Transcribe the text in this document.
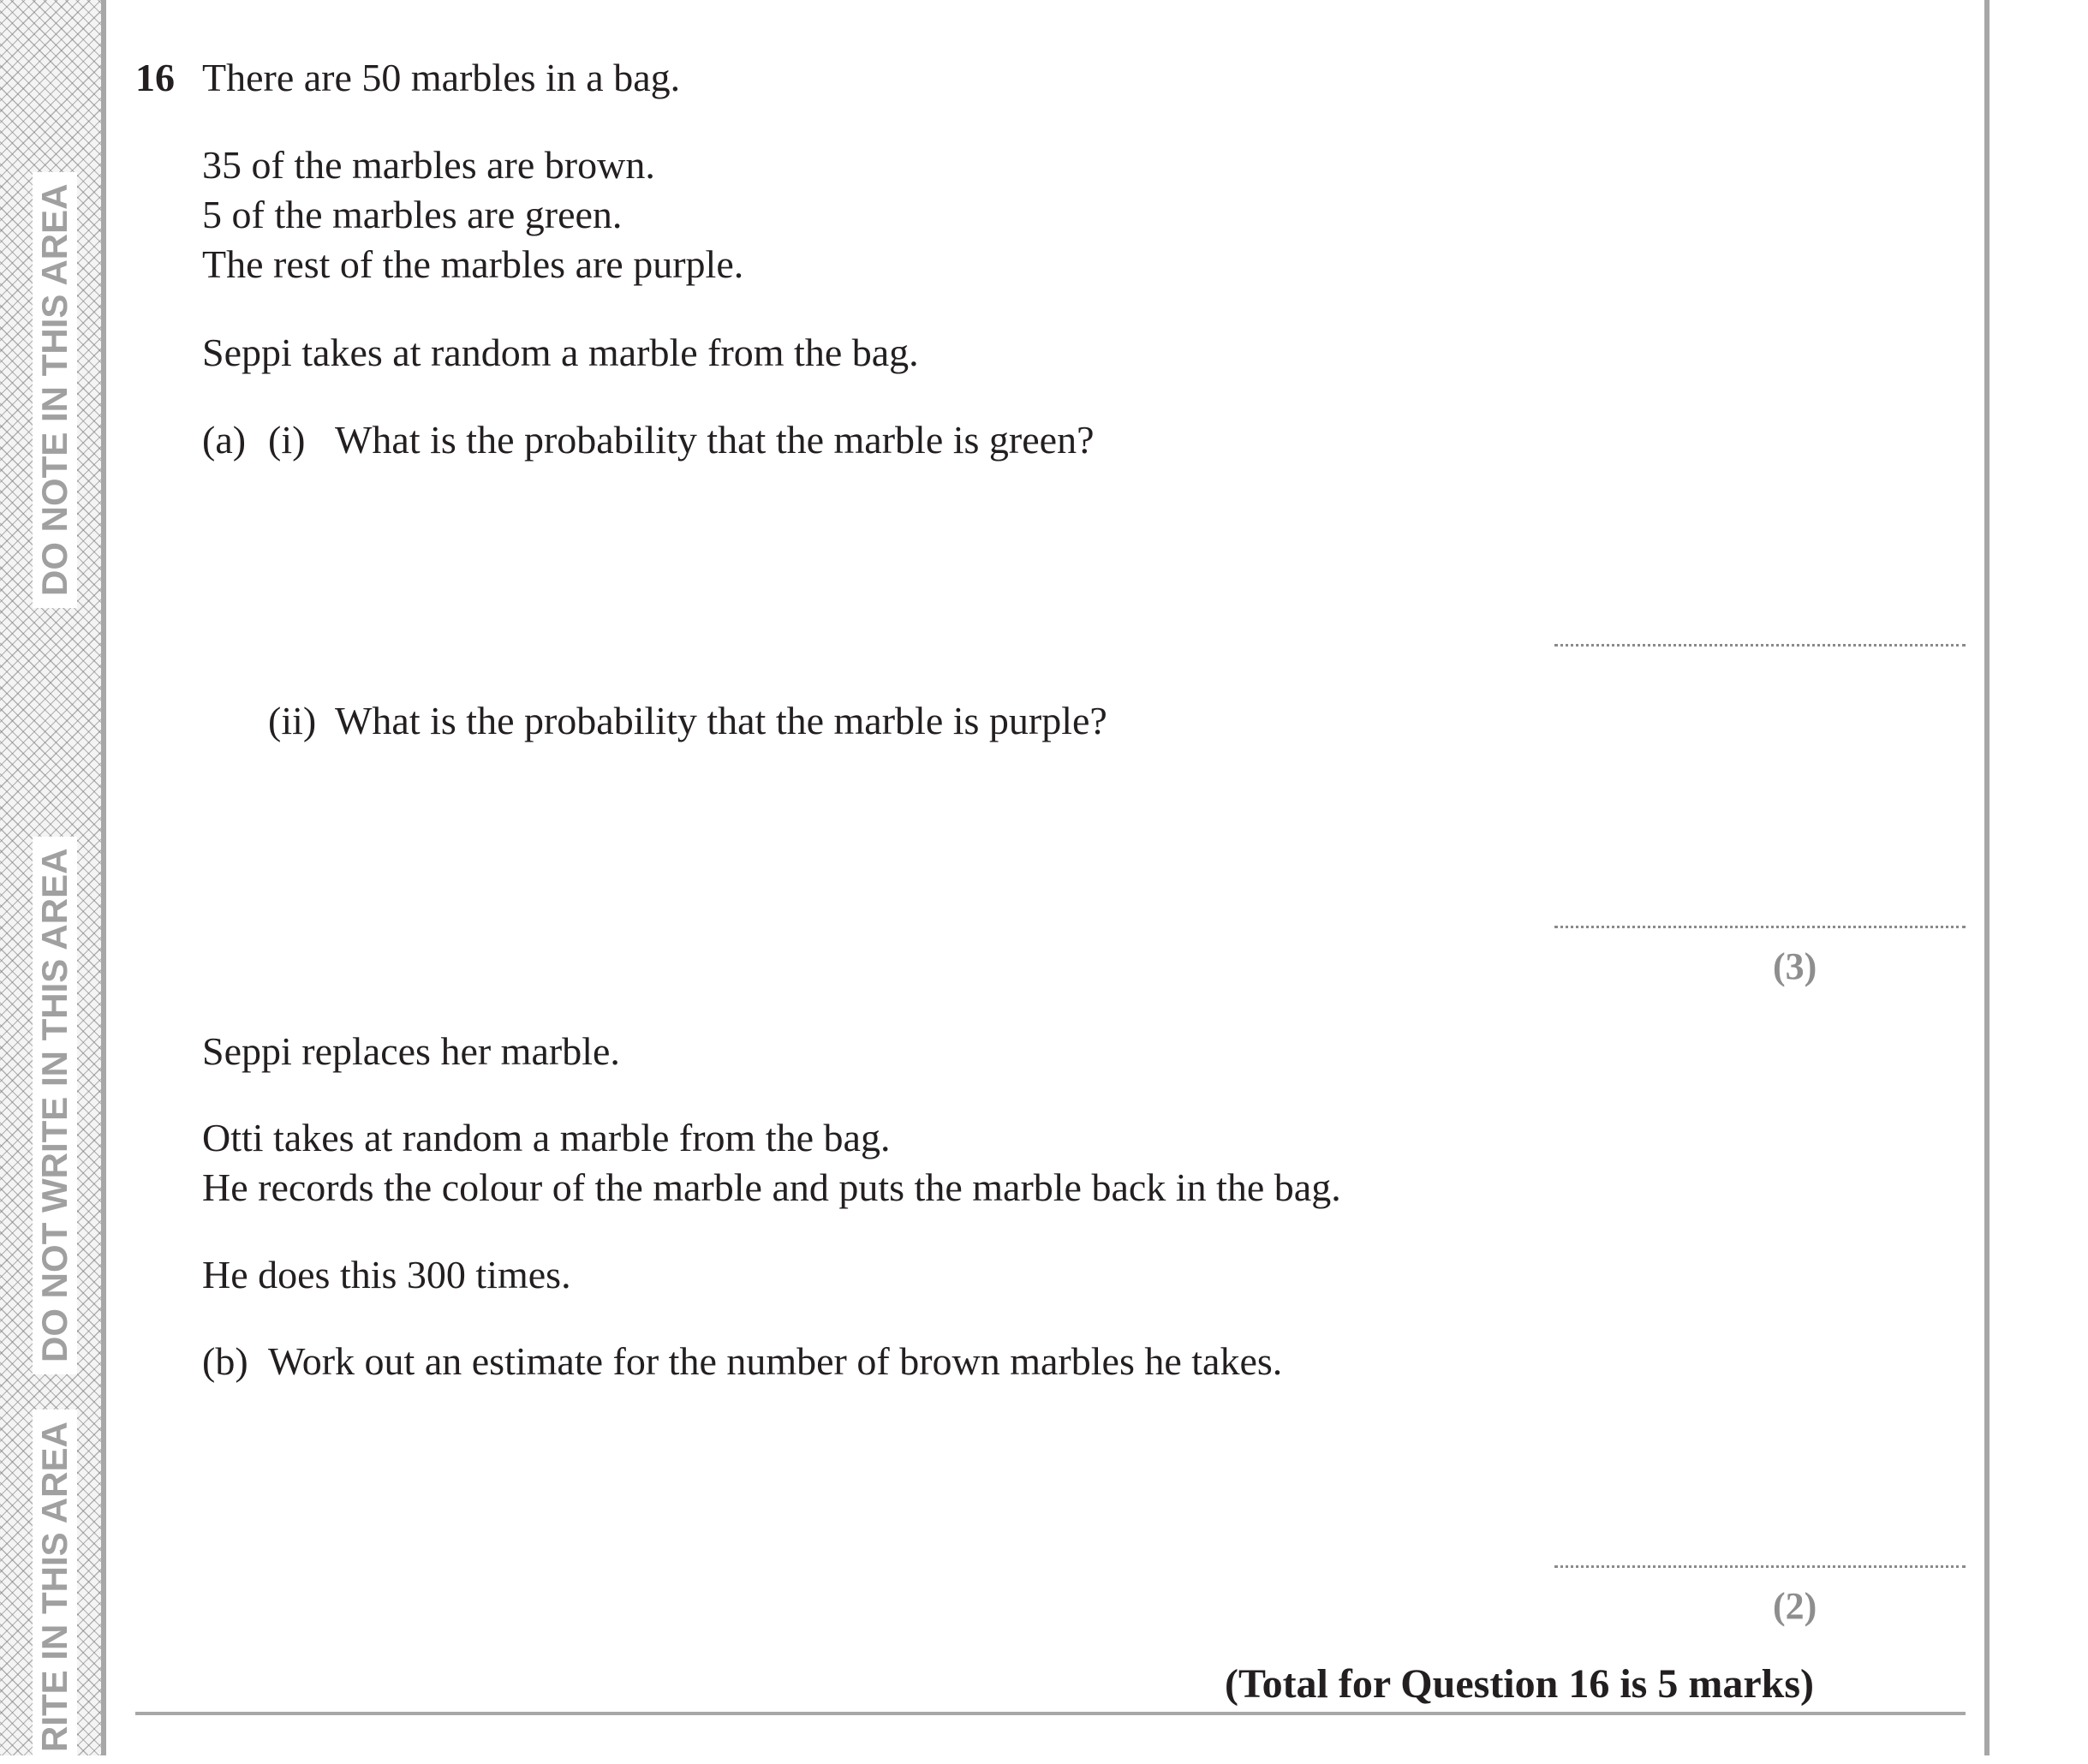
DO NOTE IN THIS AREA
DO NOT WRITE IN THIS AREA
RITE IN THIS AREA
16 There are 50 marbles in a bag.
35 of the marbles are brown.
5 of the marbles are green.
The rest of the marbles are purple.
Seppi takes at random a marble from the bag.
(a) (i) What is the probability that the marble is green?
(ii) What is the probability that the marble is purple?
(3)
Seppi replaces her marble.
Otti takes at random a marble from the bag.
He records the colour of the marble and puts the marble back in the bag.
He does this 300 times.
(b) Work out an estimate for the number of brown marbles he takes.
(2)
(Total for Question 16 is 5 marks)
